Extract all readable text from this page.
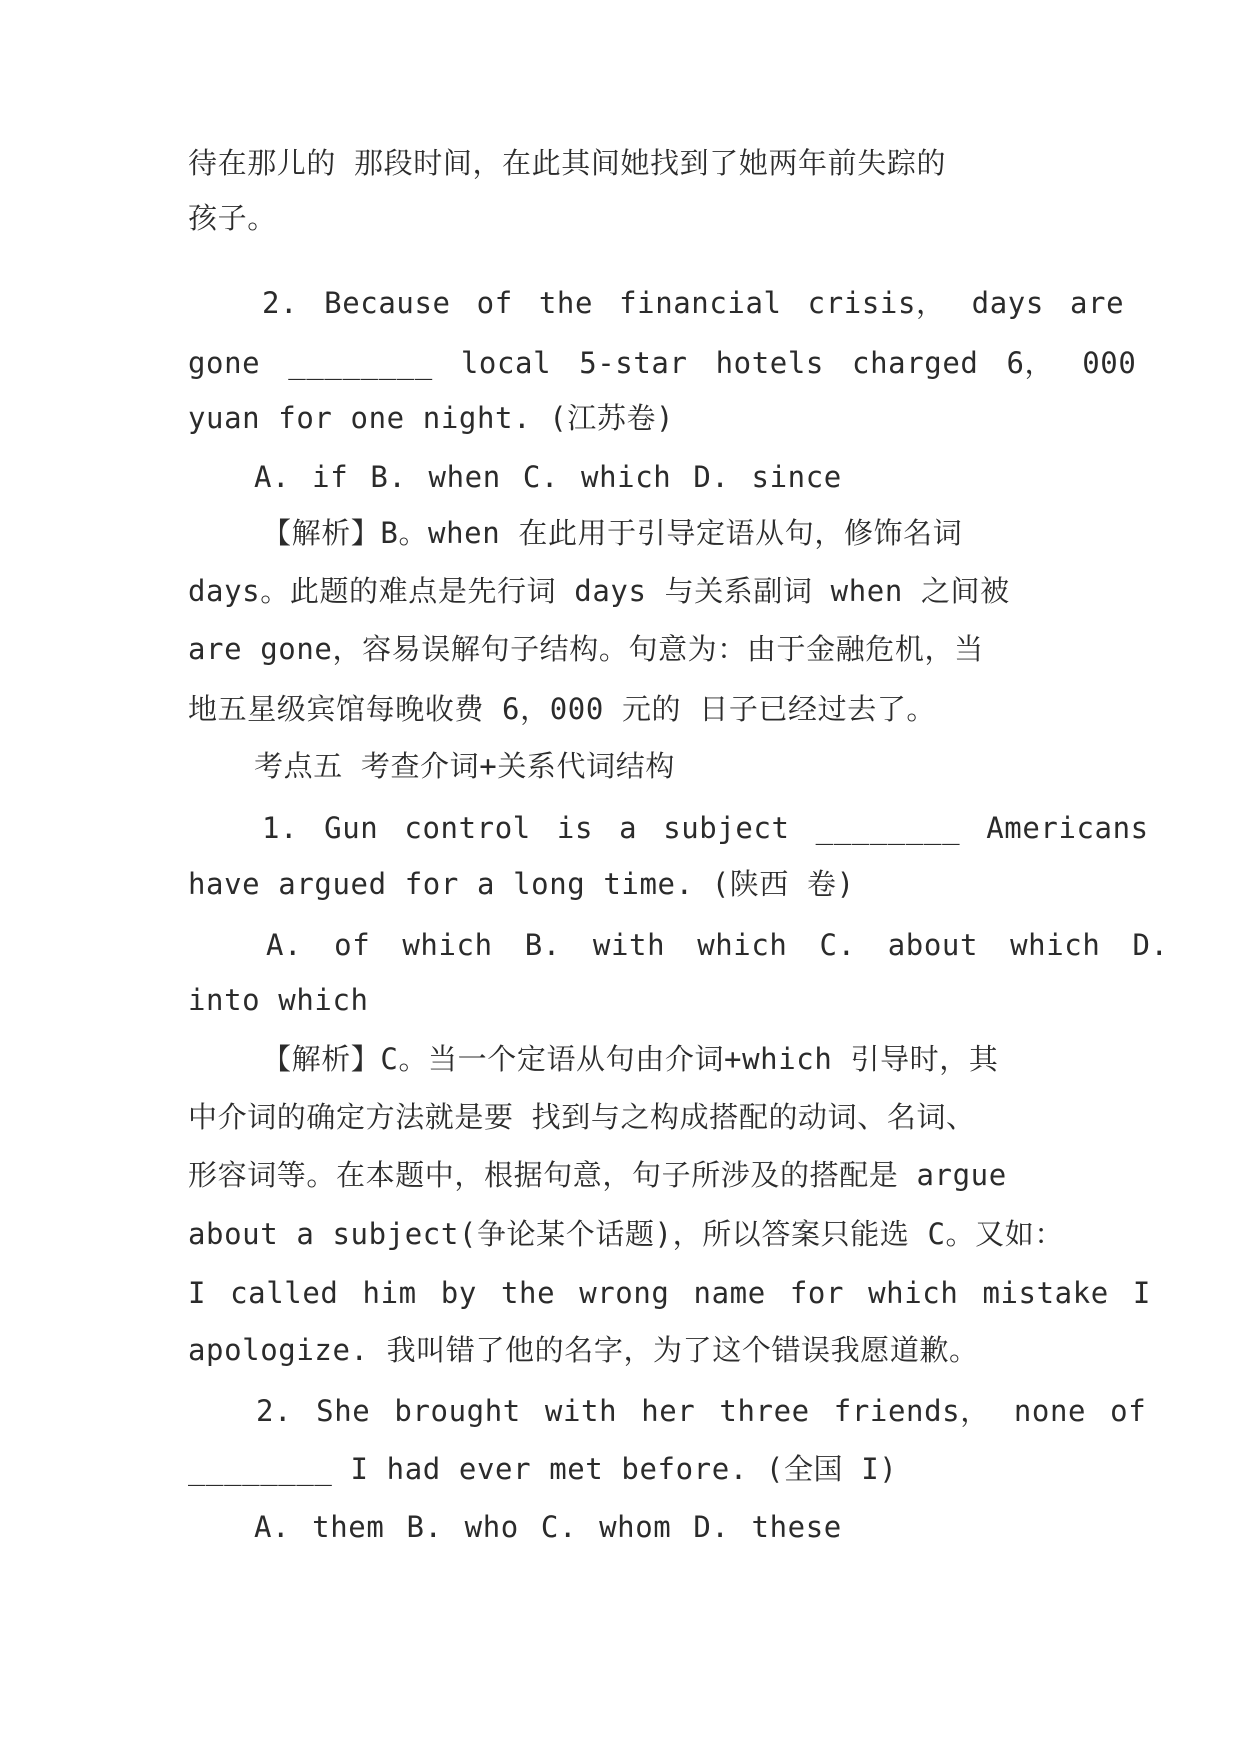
待在那儿的 那段时间，在此其间她找到了她两年前失踪的
孩子。
2. Because of the financial crisis， days are
gone ________ local 5-star hotels charged 6， 000
yuan for one night. (江苏卷)
A. if B. when C. which D. since
【解析】B。when 在此用于引导定语从句，修饰名词
days。此题的难点是先行词 days 与关系副词 when 之间被
are gone，容易误解句子结构。句意为：由于金融危机，当
地五星级宾馆每晚收费 6，000 元的 日子已经过去了。
考点五 考查介词+关系代词结构
1. Gun control is a subject ________ Americans
have argued for a long time. (陕西 卷)
A. of which B. with which C. about which D.
into which
【解析】C。当一个定语从句由介词+which 引导时，其
中介词的确定方法就是要 找到与之构成搭配的动词、名词、
形容词等。在本题中，根据句意，句子所涉及的搭配是 argue
about a subject(争论某个话题)，所以答案只能选 C。又如：
I called him by the wrong name for which mistake I
apologize. 我叫错了他的名字，为了这个错误我愿道歉。
2. She brought with her three friends， none of
________ I had ever met before. (全国 I)
A. them B. who C. whom D. these
